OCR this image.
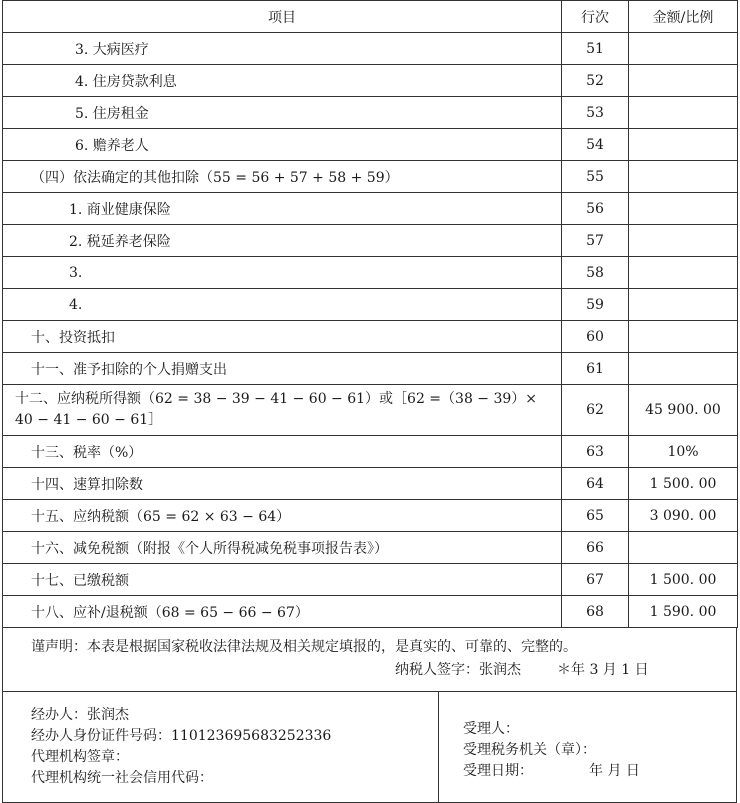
项目	行次	金额/比例
3. 大病医疗	51	
4. 住房贷款利息	52	
5. 住房租金	53	
6. 赡养老人	54	
（四）依法确定的其他扣除（55 = 56 + 57 + 58 + 59）	55	
1. 商业健康保险	56	
2. 税延养老保险	57	
3.	58	
4.	59	
十、投资抵扣	60	
十一、准予扣除的个人捐赠支出	61	
十二、应纳税所得额（62 = 38 − 39 − 41 − 60 − 61）或［62 =（38 − 39）× 40 − 41 − 60 − 61］	62	45 900. 00
十三、税率（%）	63	10%
十四、速算扣除数	64	1 500. 00
十五、应纳税额（65 = 62 × 63 − 64）	65	3 090. 00
十六、减免税额（附报《个人所得税减免税事项报告表》）	66	
十七、已缴税额	67	1 500. 00
十八、应补/退税额（68 = 65 − 66 − 67）	68	1 590. 00
谨声明：本表是根据国家税收法律法规及相关规定填报的，是真实的、可靠的、完整的。
纳税人签字：张润杰	＊年 3 月 1 日
经办人：张润杰
经办人身份证件号码：110123695683252336
代理机构签章：
代理机构统一社会信用代码：
受理人：
受理税务机关（章）：
受理日期：	年 月 日
